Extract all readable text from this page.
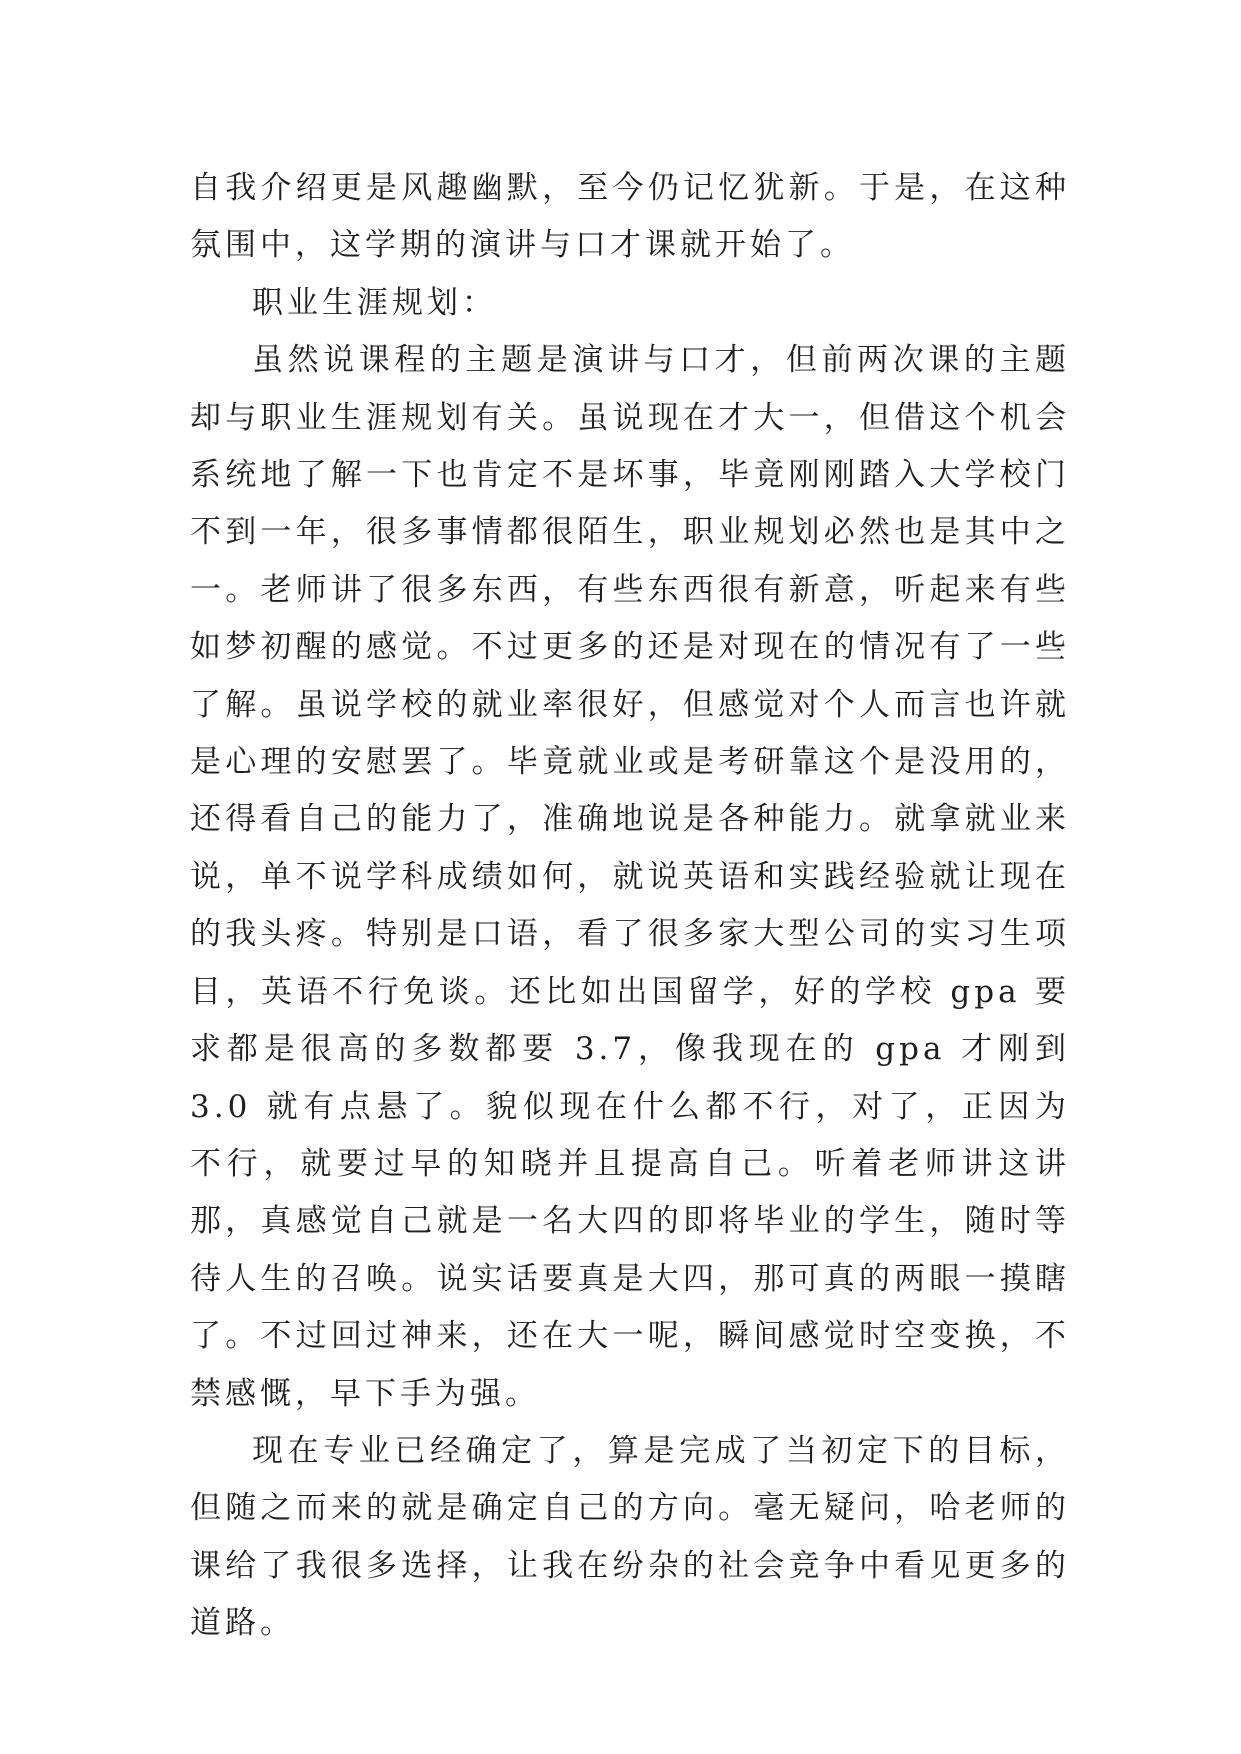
自我介绍更是风趣幽默，至今仍记忆犹新。于是，在这种氛围中，这学期的演讲与口才课就开始了。

职业生涯规划：

虽然说课程的主题是演讲与口才，但前两次课的主题却与职业生涯规划有关。虽说现在才大一，但借这个机会系统地了解一下也肯定不是坏事，毕竟刚刚踏入大学校门不到一年，很多事情都很陌生，职业规划必然也是其中之一。老师讲了很多东西，有些东西很有新意，听起来有些如梦初醒的感觉。不过更多的还是对现在的情况有了一些了解。虽说学校的就业率很好，但感觉对个人而言也许就是心理的安慰罢了。毕竟就业或是考研靠这个是没用的，还得看自己的能力了，准确地说是各种能力。就拿就业来说，单不说学科成绩如何，就说英语和实践经验就让现在的我头疼。特别是口语，看了很多家大型公司的实习生项目，英语不行免谈。还比如出国留学，好的学校 gpa 要求都是很高的多数都要 3.7，像我现在的 gpa 才刚到 3.0 就有点悬了。貌似现在什么都不行，对了，正因为不行，就要过早的知晓并且提高自己。听着老师讲这讲那，真感觉自己就是一名大四的即将毕业的学生，随时等待人生的召唤。说实话要真是大四，那可真的两眼一摸瞎了。不过回过神来，还在大一呢，瞬间感觉时空变换，不禁感慨，早下手为强。

现在专业已经确定了，算是完成了当初定下的目标，但随之而来的就是确定自己的方向。毫无疑问，哈老师的课给了我很多选择，让我在纷杂的社会竞争中看见更多的道路。
